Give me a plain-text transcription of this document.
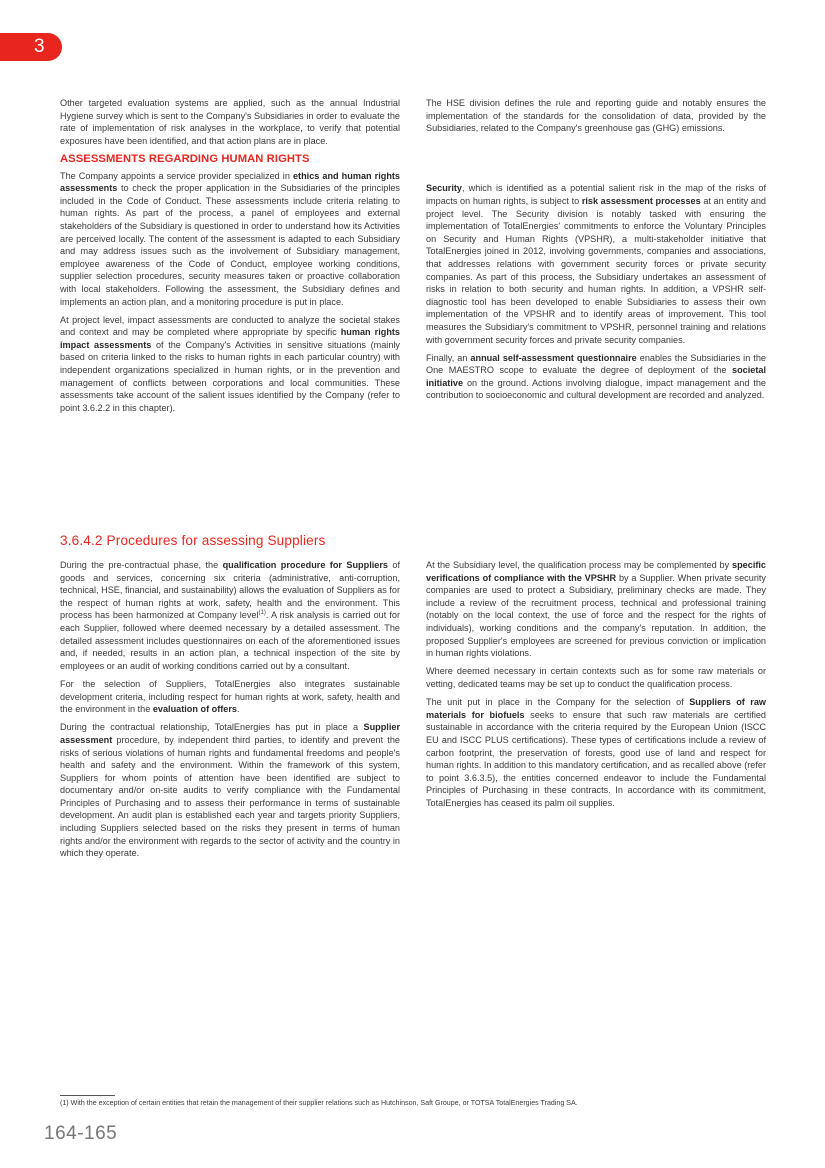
3

Other targeted evaluation systems are applied, such as the annual Industrial Hygiene survey which is sent to the Company's Subsidiaries in order to evaluate the rate of implementation of risk analyses in the workplace, to verify that potential exposures have been identified, and that action plans are in place.

ASSESSMENTS REGARDING HUMAN RIGHTS

The Company appoints a service provider specialized in ethics and human rights assessments to check the proper application in the Subsidiaries of the principles included in the Code of Conduct. These assessments include criteria relating to human rights. As part of the process, a panel of employees and external stakeholders of the Subsidiary is questioned in order to understand how its Activities are perceived locally. The content of the assessment is adapted to each Subsidiary and may address issues such as the involvement of Subsidiary management, employee awareness of the Code of Conduct, employee working conditions, supplier selection procedures, security measures taken or proactive collaboration with local stakeholders. Following the assessment, the Subsidiary defines and implements an action plan, and a monitoring procedure is put in place.

At project level, impact assessments are conducted to analyze the societal stakes and context and may be completed where appropriate by specific human rights impact assessments of the Company's Activities in sensitive situations (mainly based on criteria linked to the risks to human rights in each particular country) with independent organizations specialized in human rights, or in the prevention and management of conflicts between corporations and local communities. These assessments take account of the salient issues identified by the Company (refer to point 3.6.2.2 in this chapter).

The HSE division defines the rule and reporting guide and notably ensures the implementation of the standards for the consolidation of data, provided by the Subsidiaries, related to the Company's greenhouse gas (GHG) emissions.

Security, which is identified as a potential salient risk in the map of the risks of impacts on human rights, is subject to risk assessment processes at an entity and project level. The Security division is notably tasked with ensuring the implementation of TotalEnergies' commitments to enforce the Voluntary Principles on Security and Human Rights (VPSHR), a multi-stakeholder initiative that TotalEnergies joined in 2012, involving governments, companies and associations, that addresses relations with government security forces or private security companies. As part of this process, the Subsidiary undertakes an assessment of risks in relation to both security and human rights. In addition, a VPSHR self-diagnostic tool has been developed to enable Subsidiaries to assess their own implementation of the VPSHR and to identify areas of improvement. This tool measures the Subsidiary's commitment to VPSHR, personnel training and relations with government security forces and private security companies.

Finally, an annual self-assessment questionnaire enables the Subsidiaries in the One MAESTRO scope to evaluate the degree of deployment of the societal initiative on the ground. Actions involving dialogue, impact management and the contribution to socioeconomic and cultural development are recorded and analyzed.

3.6.4.2 Procedures for assessing Suppliers

During the pre-contractual phase, the qualification procedure for Suppliers of goods and services, concerning six criteria (administrative, anti-corruption, technical, HSE, financial, and sustainability) allows the evaluation of Suppliers as for the respect of human rights at work, safety, health and the environment. This process has been harmonized at Company level$^{(1)}$. A risk analysis is carried out for each Supplier, followed where deemed necessary by a detailed assessment. The detailed assessment includes questionnaires on each of the aforementioned issues and, if needed, results in an action plan, a technical inspection of the site by employees or an audit of working conditions carried out by a consultant.

For the selection of Suppliers, TotalEnergies also integrates sustainable development criteria, including respect for human rights at work, safety, health and the environment in the evaluation of offers.

During the contractual relationship, TotalEnergies has put in place a Supplier assessment procedure, by independent third parties, to identify and prevent the risks of serious violations of human rights and fundamental freedoms and people's health and safety and the environment. Within the framework of this system, Suppliers for whom points of attention have been identified are subject to documentary and/or on-site audits to verify compliance with the Fundamental Principles of Purchasing and to assess their performance in terms of sustainable development. An audit plan is established each year and targets priority Suppliers, including Suppliers selected based on the risks they present in terms of human rights and/or the environment with regards to the sector of activity and the country in which they operate.

At the Subsidiary level, the qualification process may be complemented by specific verifications of compliance with the VPSHR by a Supplier. When private security companies are used to protect a Subsidiary, preliminary checks are made. They include a review of the recruitment process, technical and professional training (notably on the local context, the use of force and the respect for the rights of individuals), working conditions and the company's reputation. In addition, the proposed Supplier's employees are screened for previous conviction or implication in human rights violations.

Where deemed necessary in certain contexts such as for some raw materials or vetting, dedicated teams may be set up to conduct the qualification process.

The unit put in place in the Company for the selection of Suppliers of raw materials for biofuels seeks to ensure that such raw materials are certified sustainable in accordance with the criteria required by the European Union (ISCC EU and ISCC PLUS certifications). These types of certifications include a review of carbon footprint, the preservation of forests, good use of land and respect for human rights. In addition to this mandatory certification, and as recalled above (refer to point 3.6.3.5), the entities concerned endeavor to include the Fundamental Principles of Purchasing in these contracts. In accordance with its commitment, TotalEnergies has ceased its palm oil supplies.

(1) With the exception of certain entities that retain the management of their supplier relations such as Hutchinson, Saft Groupe, or TOTSA TotalEnergies Trading SA.
164-165
